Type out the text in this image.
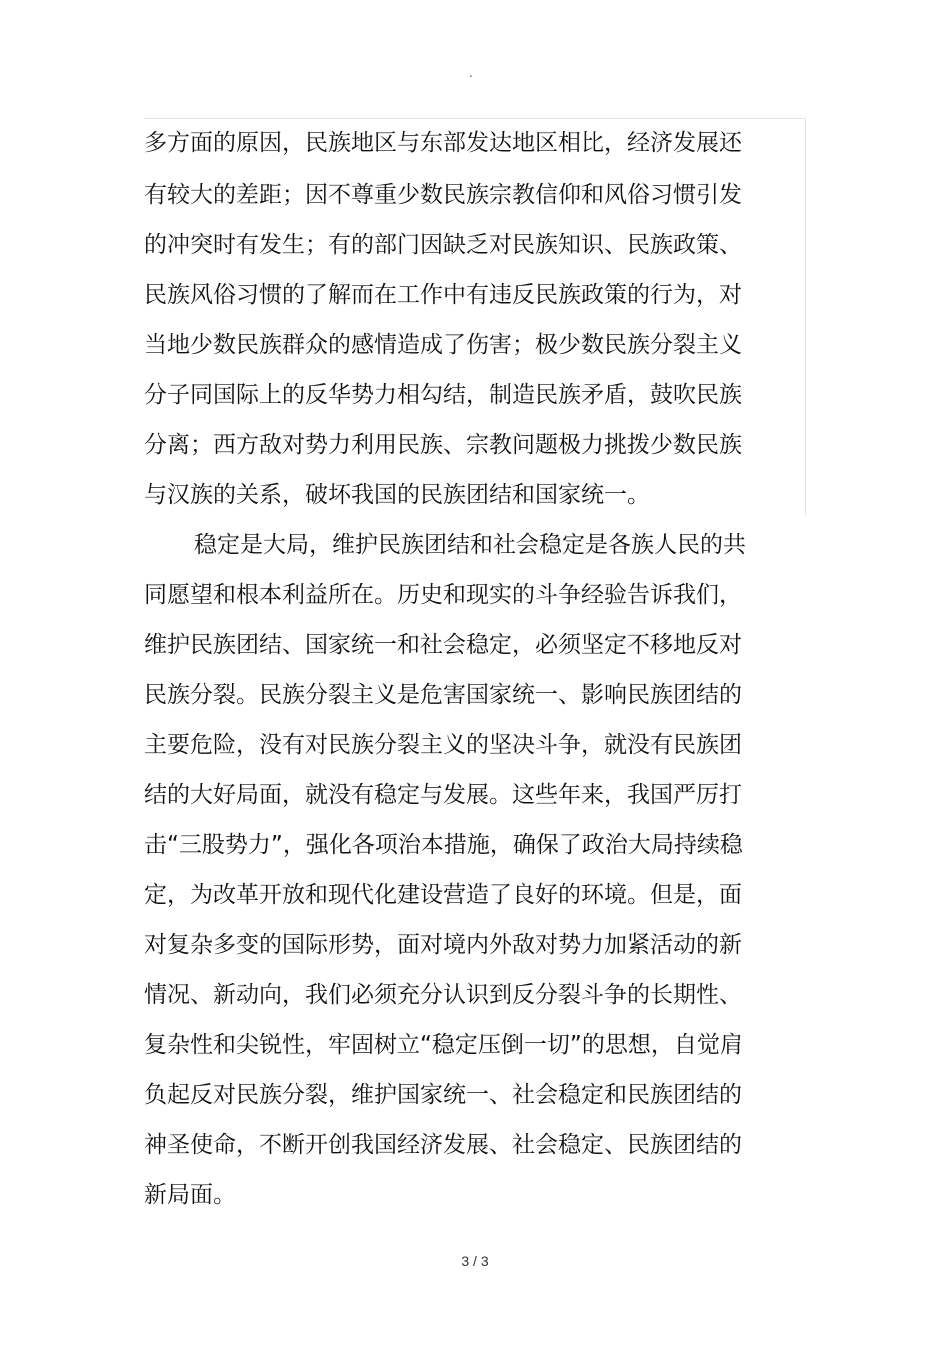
.
多方面的原因，民族地区与东部发达地区相比，经济发展还
有较大的差距；因不尊重少数民族宗教信仰和风俗习惯引发
的冲突时有发生；有的部门因缺乏对民族知识、民族政策、
民族风俗习惯的了解而在工作中有违反民族政策的行为，对
当地少数民族群众的感情造成了伤害；极少数民族分裂主义
分子同国际上的反华势力相勾结，制造民族矛盾，鼓吹民族
分离；西方敌对势力利用民族、宗教问题极力挑拨少数民族
与汉族的关系，破坏我国的民族团结和国家统一。
稳定是大局，维护民族团结和社会稳定是各族人民的共
同愿望和根本利益所在。历史和现实的斗争经验告诉我们，
维护民族团结、国家统一和社会稳定，必须坚定不移地反对
民族分裂。民族分裂主义是危害国家统一、影响民族团结的
主要危险，没有对民族分裂主义的坚决斗争，就没有民族团
结的大好局面，就没有稳定与发展。这些年来，我国严厉打
击“三股势力”，强化各项治本措施，确保了政治大局持续稳
定，为改革开放和现代化建设营造了良好的环境。但是，面
对复杂多变的国际形势，面对境内外敌对势力加紧活动的新
情况、新动向，我们必须充分认识到反分裂斗争的长期性、
复杂性和尖锐性，牢固树立“稳定压倒一切”的思想，自觉肩
负起反对民族分裂，维护国家统一、社会稳定和民族团结的
神圣使命，不断开创我国经济发展、社会稳定、民族团结的
新局面。
3 / 3
